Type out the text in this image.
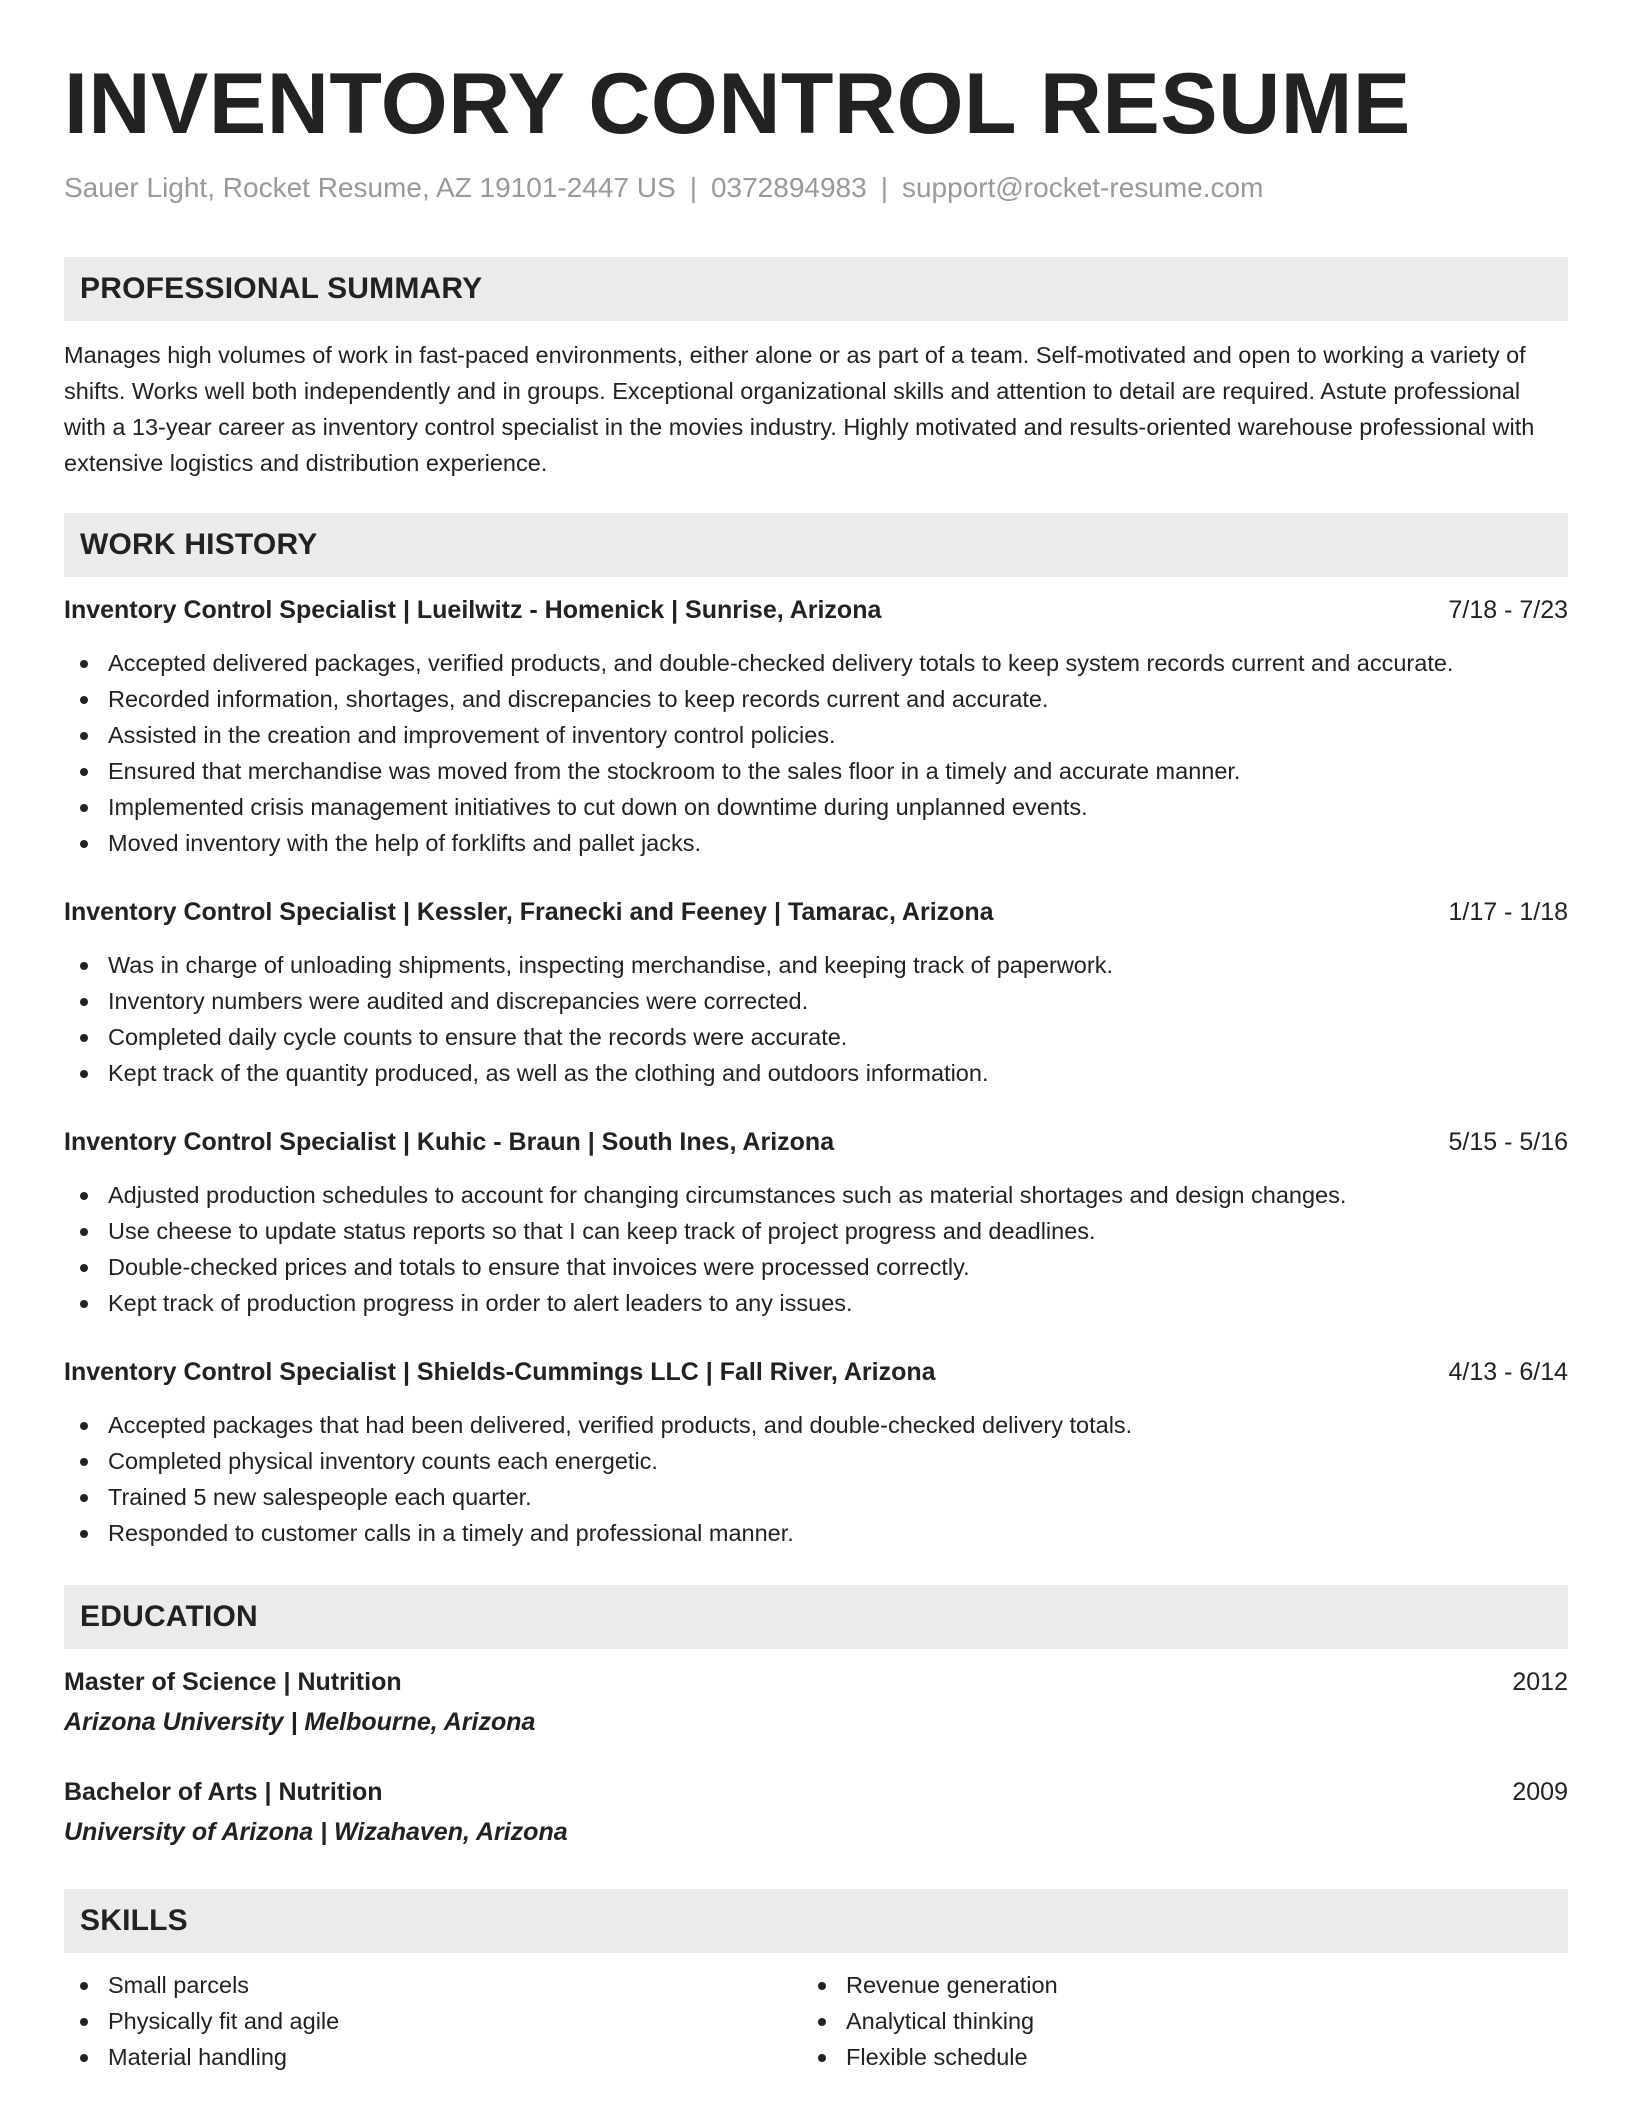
INVENTORY CONTROL RESUME
Sauer Light, Rocket Resume, AZ 19101-2447 US | 0372894983 | support@rocket-resume.com
PROFESSIONAL SUMMARY
Manages high volumes of work in fast-paced environments, either alone or as part of a team. Self-motivated and open to working a variety of shifts. Works well both independently and in groups. Exceptional organizational skills and attention to detail are required. Astute professional with a 13-year career as inventory control specialist in the movies industry. Highly motivated and results-oriented warehouse professional with extensive logistics and distribution experience.
WORK HISTORY
Inventory Control Specialist | Lueilwitz - Homenick | Sunrise, Arizona	7/18 - 7/23
Accepted delivered packages, verified products, and double-checked delivery totals to keep system records current and accurate.
Recorded information, shortages, and discrepancies to keep records current and accurate.
Assisted in the creation and improvement of inventory control policies.
Ensured that merchandise was moved from the stockroom to the sales floor in a timely and accurate manner.
Implemented crisis management initiatives to cut down on downtime during unplanned events.
Moved inventory with the help of forklifts and pallet jacks.
Inventory Control Specialist | Kessler, Franecki and Feeney | Tamarac, Arizona	1/17 - 1/18
Was in charge of unloading shipments, inspecting merchandise, and keeping track of paperwork.
Inventory numbers were audited and discrepancies were corrected.
Completed daily cycle counts to ensure that the records were accurate.
Kept track of the quantity produced, as well as the clothing and outdoors information.
Inventory Control Specialist | Kuhic - Braun | South Ines, Arizona	5/15 - 5/16
Adjusted production schedules to account for changing circumstances such as material shortages and design changes.
Use cheese to update status reports so that I can keep track of project progress and deadlines.
Double-checked prices and totals to ensure that invoices were processed correctly.
Kept track of production progress in order to alert leaders to any issues.
Inventory Control Specialist | Shields-Cummings LLC | Fall River, Arizona	4/13 - 6/14
Accepted packages that had been delivered, verified products, and double-checked delivery totals.
Completed physical inventory counts each energetic.
Trained 5 new salespeople each quarter.
Responded to customer calls in a timely and professional manner.
EDUCATION
Master of Science | Nutrition	2012
Arizona University | Melbourne, Arizona
Bachelor of Arts | Nutrition	2009
University of Arizona | Wizahaven, Arizona
SKILLS
Small parcels
Physically fit and agile
Material handling
Revenue generation
Analytical thinking
Flexible schedule
